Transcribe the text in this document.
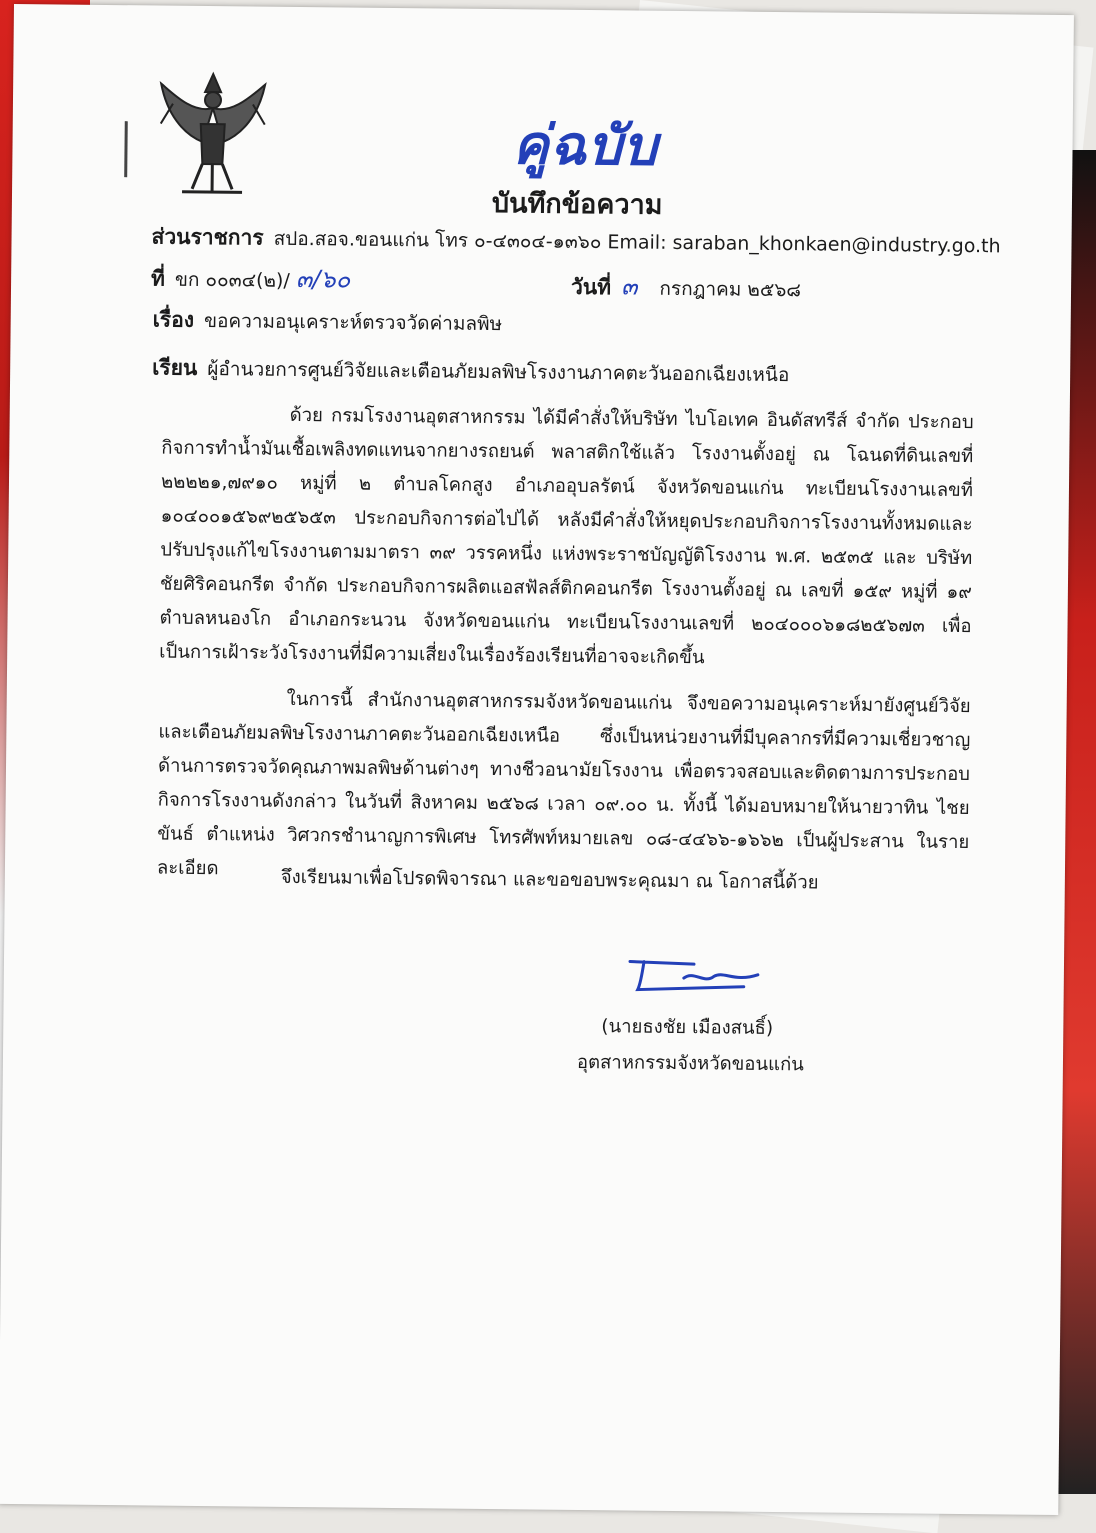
คู่ฉบับ
บันทึกข้อความ
ส่วนราชการ สปอ.สอจ.ขอนแก่น โทร ๐-๔๓๐๔-๑๓๖๐ Email: saraban_khonkaen@industry.go.th
ที่ ขก ๐๐๓๔(๒)/ ๓/๖๐	วันที่ ๓ กรกฎาคม ๒๕๖๘
เรื่อง ขอความอนุเคราะห์ตรวจวัดค่ามลพิษ
เรียน ผู้อำนวยการศูนย์วิจัยและเตือนภัยมลพิษโรงงานภาคตะวันออกเฉียงเหนือ
ด้วย กรมโรงงานอุตสาหกรรม ได้มีคำสั่งให้บริษัท ไบโอเทค อินดัสทรีส์ จำกัด ประกอบกิจการทำน้ำมันเชื้อเพลิงทดแทนจากยางรถยนต์ พลาสติกใช้แล้ว โรงงานตั้งอยู่ ณ โฉนดที่ดินเลขที่ ๒๒๒๒๑,๗๙๑๐ หมู่ที่ ๒ ตำบลโคกสูง อำเภออุบลรัตน์ จังหวัดขอนแก่น ทะเบียนโรงงานเลขที่ ๑๐๔๐๐๑๕๖๙๒๕๖๕๓ ประกอบกิจการต่อไปได้ หลังมีคำสั่งให้หยุดประกอบกิจการโรงงานทั้งหมดและปรับปรุงแก้ไขโรงงานตามมาตรา ๓๙ วรรคหนึ่ง แห่งพระราชบัญญัติโรงงาน พ.ศ. ๒๕๓๕ และ บริษัท ชัยศิริคอนกรีต จำกัด ประกอบกิจการผลิตแอสฟัลส์ติกคอนกรีต โรงงานตั้งอยู่ ณ เลขที่ ๑๕๙ หมู่ที่ ๑๙ ตำบลหนองโก อำเภอกระนวน จังหวัดขอนแก่น ทะเบียนโรงงานเลขที่ ๒๐๔๐๐๐๖๑๘๒๕๖๗๓ เพื่อเป็นการเฝ้าระวังโรงงานที่มีความเสี่ยงในเรื่องร้องเรียนที่อาจจะเกิดขึ้น
ในการนี้ สำนักงานอุตสาหกรรมจังหวัดขอนแก่น จึงขอความอนุเคราะห์มายังศูนย์วิจัยและเตือนภัยมลพิษโรงงานภาคตะวันออกเฉียงเหนือ ซึ่งเป็นหน่วยงานที่มีบุคลากรที่มีความเชี่ยวชาญด้านการตรวจวัดคุณภาพมลพิษด้านต่างๆ ทางชีวอนามัยโรงงาน เพื่อตรวจสอบและติดตามการประกอบกิจการโรงงานดังกล่าว ในวันที่ สิงหาคม ๒๕๖๘ เวลา ๐๙.๐๐ น. ทั้งนี้ ได้มอบหมายให้นายวาทิน ไชยขันธ์ ตำแหน่ง วิศวกรชำนาญการพิเศษ โทรศัพท์หมายเลข ๐๘-๔๔๖๖-๑๖๖๒ เป็นผู้ประสาน ในรายละเอียด	จึงเรียนมาเพื่อโปรดพิจารณา และขอขอบพระคุณมา ณ โอกาสนี้ด้วย
(นายธงชัย เมืองสนธิ์)
อุตสาหกรรมจังหวัดขอนแก่น
